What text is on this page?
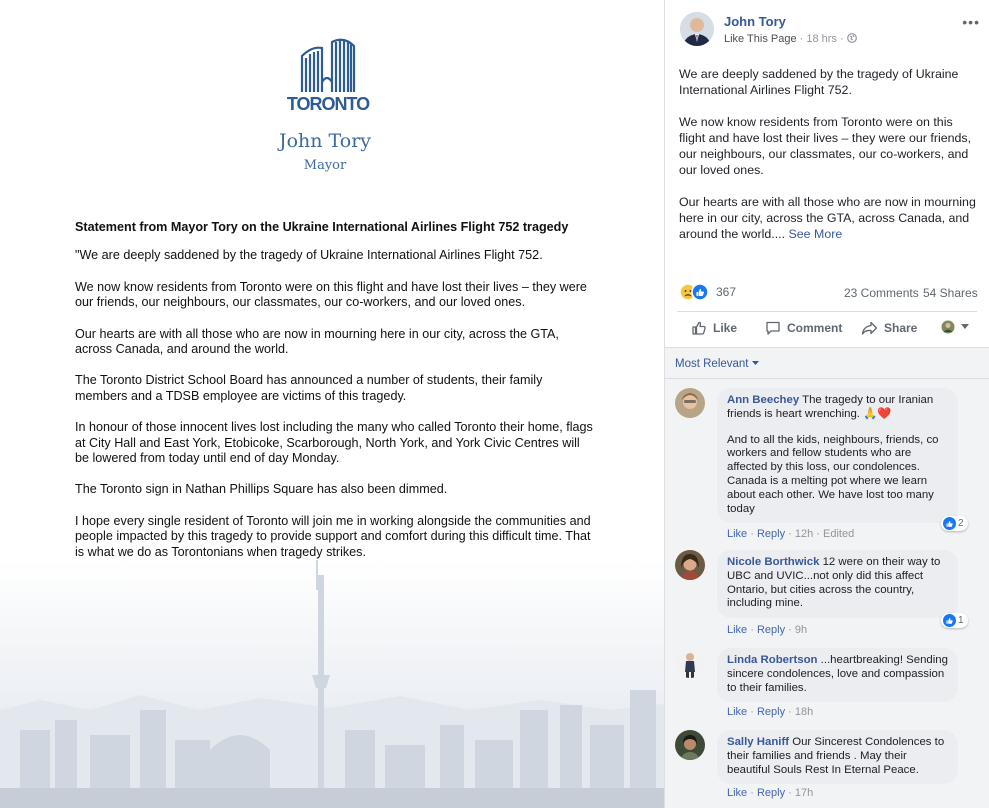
TORONTO
John Tory
Mayor
Statement from Mayor Tory on the Ukraine International Airlines Flight 752 tragedy

"We are deeply saddened by the tragedy of Ukraine International Airlines Flight 752.

We now know residents from Toronto were on this flight and have lost their lives – they were our friends, our neighbours, our classmates, our co-workers, and our loved ones.

Our hearts are with all those who are now in mourning here in our city, across the GTA, across Canada, and around the world.

The Toronto District School Board has announced a number of students, their family members and a TDSB employee are victims of this tragedy.

In honour of those innocent lives lost including the many who called Toronto their home, flags at City Hall and East York, Etobicoke, Scarborough, North York, and York Civic Centres will be lowered from today until end of day Monday.

The Toronto sign in Nathan Phillips Square has also been dimmed.

I hope every single resident of Toronto will join me in working alongside the communities and people impacted by this tragedy to provide support and comfort during this difficult time. That is what we do as Torontonians when tragedy strikes.

John Tory
Like This Page · 18 hrs ·
•••

We are deeply saddened by the tragedy of Ukraine International Airlines Flight 752.

We now know residents from Toronto were on this flight and have lost their lives – they were our friends, our neighbours, our classmates, our co-workers, and our loved ones.

Our hearts are with all those who are now in mourning here in our city, across the GTA, across Canada, and around the world.... See More

367	23 Comments 54 Shares
Like	Comment	Share
Most Relevant
Ann Beechey The tragedy to our Iranian friends is heart wrenching. 🙏❤️
And to all the kids, neighbours, friends, co workers and fellow students who are affected by this loss, our condolences. Canada is a melting pot where we learn about each other. We have lost too many today
2
Like · Reply · 12h · Edited
Nicole Borthwick 12 were on their way to UBC and UVIC...not only did this affect Ontario, but cities across the country, including mine.
1
Like · Reply · 9h
Linda Robertson ...heartbreaking! Sending sincere condolences, love and compassion to their families.
Like · Reply · 18h
Sally Haniff Our Sincerest Condolences to their families and friends . May their beautiful Souls Rest In Eternal Peace.
Like · Reply · 17h
